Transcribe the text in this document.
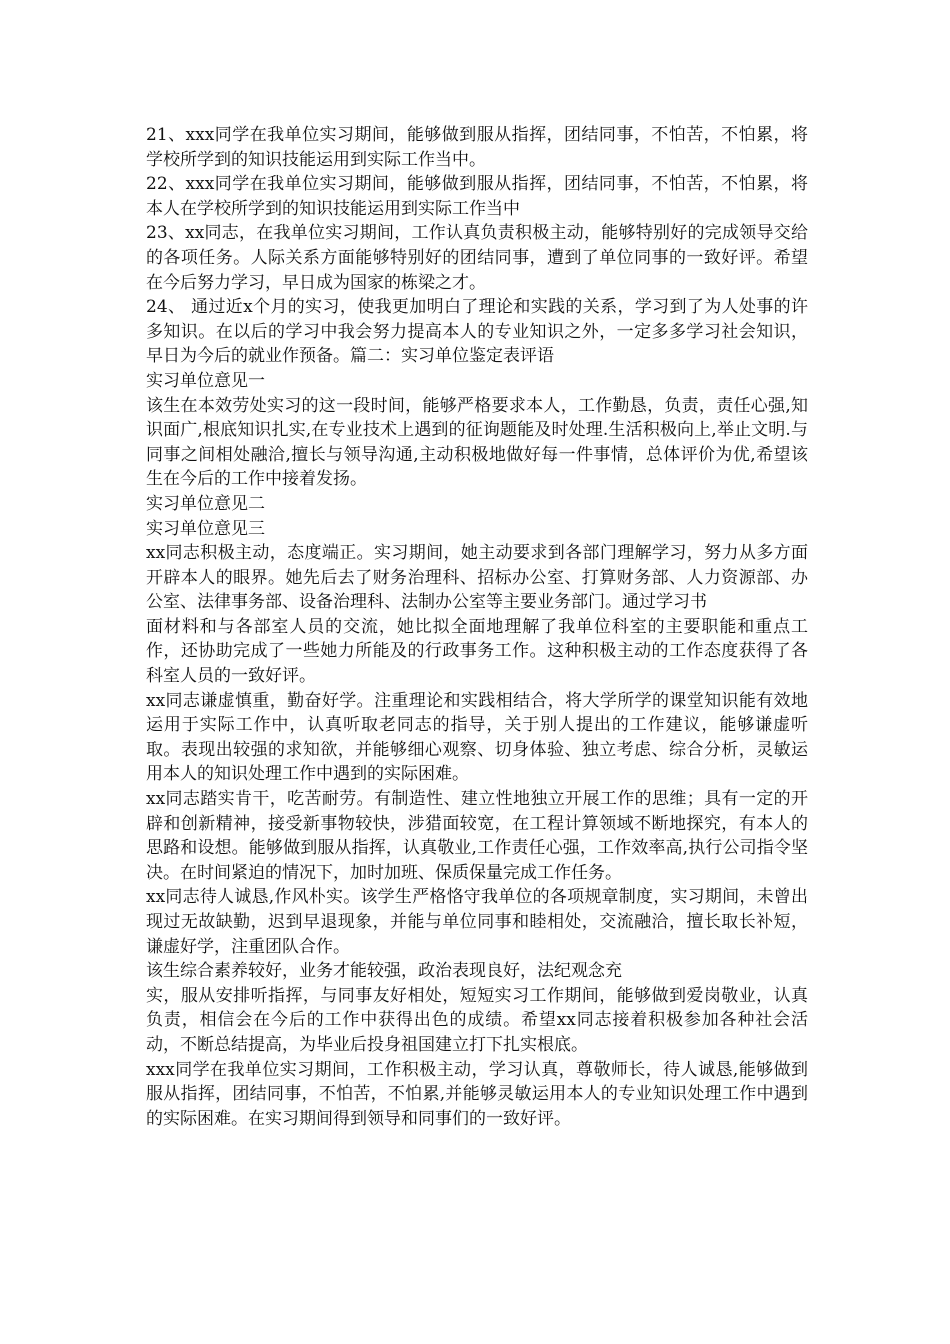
21、xxx同学在我单位实习期间，能够做到服从指挥，团结同事，不怕苦，不怕累，将学校所学到的知识技能运用到实际工作当中。

22、xxx同学在我单位实习期间，能够做到服从指挥，团结同事，不怕苦，不怕累，将本人在学校所学到的知识技能运用到实际工作当中

23、xx同志，在我单位实习期间，工作认真负责积极主动，能够特别好的完成领导交给的各项任务。人际关系方面能够特别好的团结同事，遭到了单位同事的一致好评。希望在今后努力学习，早日成为国家的栋梁之才。

24、 通过近x个月的实习，使我更加明白了理论和实践的关系，学习到了为人处事的许多知识。在以后的学习中我会努力提高本人的专业知识之外，一定多多学习社会知识，早日为今后的就业作预备。篇二：实习单位鉴定表评语

实习单位意见一

该生在本效劳处实习的这一段时间，能够严格要求本人，工作勤恳，负责，责任心强,知识面广,根底知识扎实,在专业技术上遇到的征询题能及时处理.生活积极向上,举止文明.与同事之间相处融洽,擅长与领导沟通,主动积极地做好每一件事情，总体评价为优,希望该生在今后的工作中接着发扬。

实习单位意见二

实习单位意见三

xx同志积极主动，态度端正。实习期间，她主动要求到各部门理解学习，努力从多方面开辟本人的眼界。她先后去了财务治理科、招标办公室、打算财务部、人力资源部、办公室、法律事务部、设备治理科、法制办公室等主要业务部门。通过学习书

面材料和与各部室人员的交流，她比拟全面地理解了我单位科室的主要职能和重点工作，还协助完成了一些她力所能及的行政事务工作。这种积极主动的工作态度获得了各科室人员的一致好评。

xx同志谦虚慎重，勤奋好学。注重理论和实践相结合，将大学所学的课堂知识能有效地运用于实际工作中，认真听取老同志的指导，关于别人提出的工作建议，能够谦虚听取。表现出较强的求知欲，并能够细心观察、切身体验、独立考虑、综合分析，灵敏运用本人的知识处理工作中遇到的实际困难。

xx同志踏实肯干，吃苦耐劳。有制造性、建立性地独立开展工作的思维；具有一定的开辟和创新精神，接受新事物较快，涉猎面较宽，在工程计算领域不断地探究，有本人的思路和设想。能够做到服从指挥，认真敬业,工作责任心强，工作效率高,执行公司指令坚决。在时间紧迫的情况下，加时加班、保质保量完成工作任务。

xx同志待人诚恳,作风朴实。该学生严格恪守我单位的各项规章制度，实习期间，未曾出现过无故缺勤，迟到早退现象，并能与单位同事和睦相处，交流融洽，擅长取长补短，谦虚好学，注重团队合作。

该生综合素养较好，业务才能较强，政治表现良好，法纪观念充

实，服从安排听指挥，与同事友好相处，短短实习工作期间，能够做到爱岗敬业，认真负责，相信会在今后的工作中获得出色的成绩。希望xx同志接着积极参加各种社会活动，不断总结提高，为毕业后投身祖国建立打下扎实根底。

xxx同学在我单位实习期间，工作积极主动，学习认真，尊敬师长，待人诚恳,能够做到服从指挥，团结同事，不怕苦，不怕累,并能够灵敏运用本人的专业知识处理工作中遇到的实际困难。在实习期间得到领导和同事们的一致好评。
